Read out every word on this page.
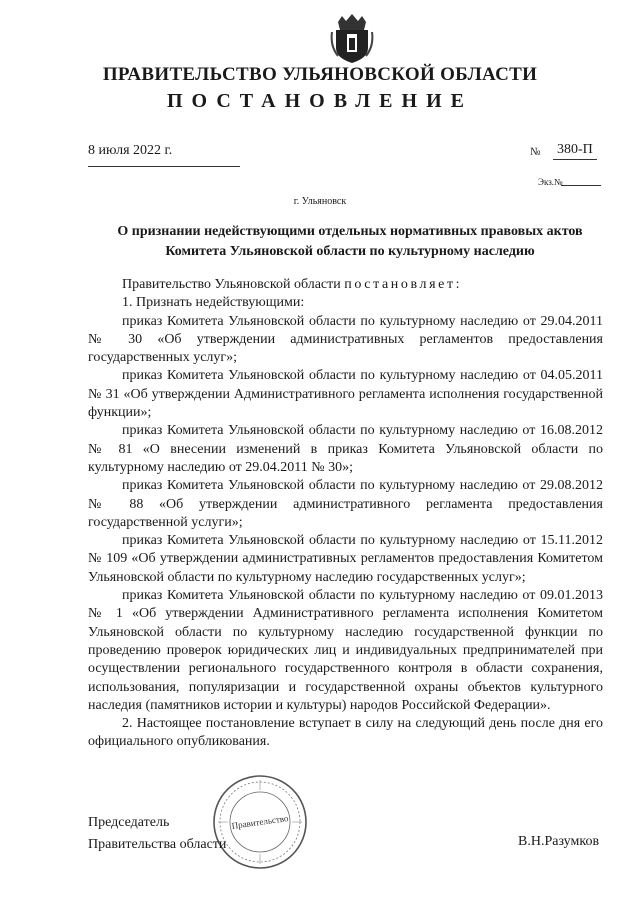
ПРАВИТЕЛЬСТВО УЛЬЯНОВСКОЙ ОБЛАСТИ
ПОСТАНОВЛЕНИЕ
8 июля 2022 г.	№ 380-П
Экз.№
г. Ульяновск
О признании недействующими отдельных нормативных правовых актов
Комитета Ульяновской области по культурному наследию

Правительство Ульяновской области постановляет:

1. Признать недействующими:

приказ Комитета Ульяновской области по культурному наследию от 29.04.2011 № 30 «Об утверждении административных регламентов предоставления государственных услуг»;

приказ Комитета Ульяновской области по культурному наследию от 04.05.2011 № 31 «Об утверждении Административного регламента исполнения государственной функции»;

приказ Комитета Ульяновской области по культурному наследию от 16.08.2012 № 81 «О внесении изменений в приказ Комитета Ульяновской области по культурному наследию от 29.04.2011 № 30»;

приказ Комитета Ульяновской области по культурному наследию от 29.08.2012 № 88 «Об утверждении административного регламента предоставления государственной услуги»;

приказ Комитета Ульяновской области по культурному наследию от 15.11.2012 № 109 «Об утверждении административных регламентов предоставления Комитетом Ульяновской области по культурному наследию государственных услуг»;

приказ Комитета Ульяновской области по культурному наследию от 09.01.2013 № 1 «Об утверждении Административного регламента исполнения Комитетом Ульяновской области по культурному наследию государственной функции по проведению проверок юридических лиц и индивидуальных предпринимателей при осуществлении регионального государственного контроля в области сохранения, использования, популяризации и государственной охраны объектов культурного наследия (памятников истории и культуры) народов Российской Федерации».

2. Настоящее постановление вступает в силу на следующий день после дня его официального опубликования.

Правительство
Председатель
Правительства области	В.Н.Разумков
